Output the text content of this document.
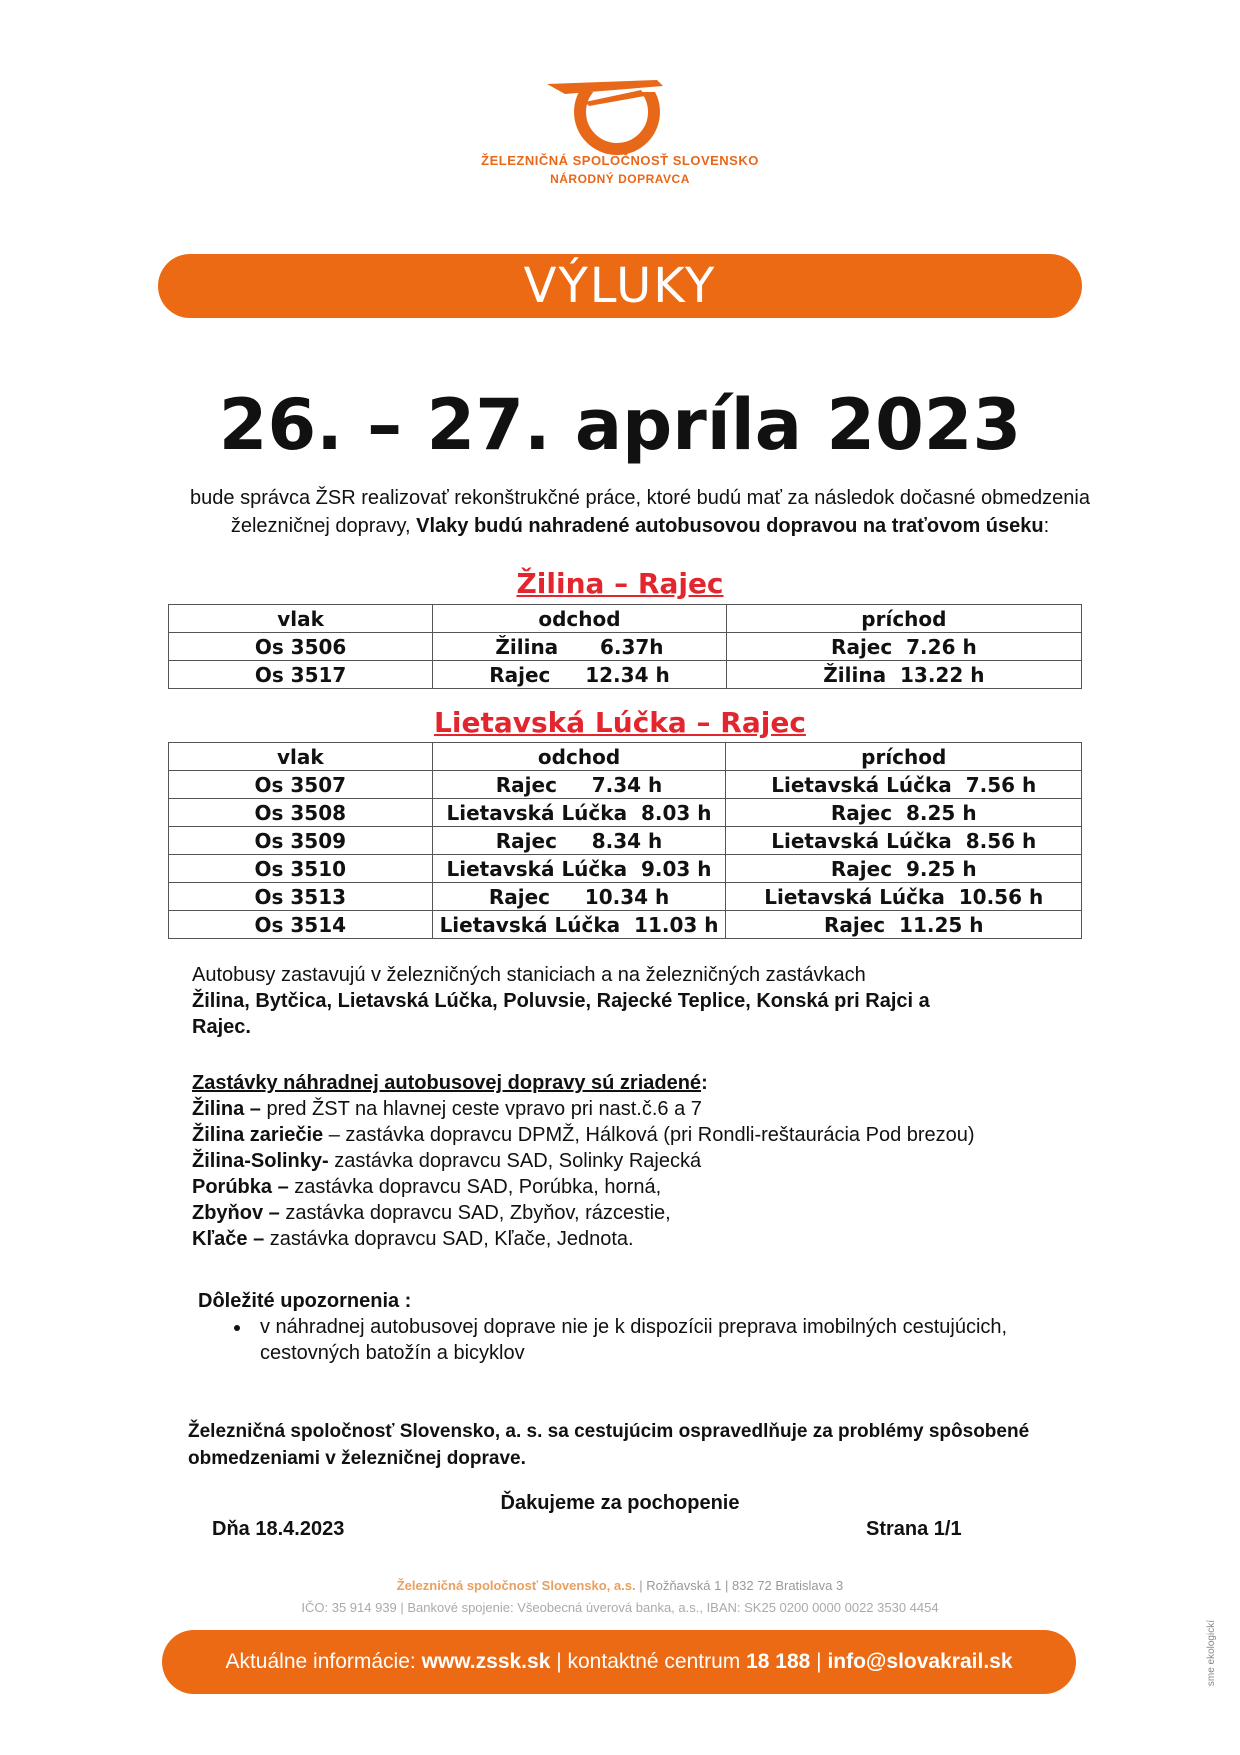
ŽELEZNIČNÁ SPOLOČNOSŤ SLOVENSKO
NÁRODNÝ DOPRAVCA
VÝLUKY
26. – 27. apríla 2023
bude správca ŽSR realizovať rekonštrukčné práce, ktoré budú mať za následok dočasné obmedzenia železničnej dopravy, Vlaky budú nahradené autobusovou dopravou na traťovom úseku:
Žilina – Rajec
vlak	odchod	príchod
Os 3506	Žilina      6.37h	Rajec  7.26 h
Os 3517	Rajec     12.34 h	Žilina  13.22 h
Lietavská Lúčka – Rajec
vlak	odchod	príchod
Os 3507	Rajec     7.34 h	Lietavská Lúčka  7.56 h
Os 3508	Lietavská Lúčka  8.03 h	Rajec  8.25 h
Os 3509	Rajec     8.34 h	Lietavská Lúčka  8.56 h
Os 3510	Lietavská Lúčka  9.03 h	Rajec  9.25 h
Os 3513	Rajec     10.34 h	Lietavská Lúčka  10.56 h
Os 3514	Lietavská Lúčka  11.03 h	Rajec  11.25 h
Autobusy zastavujú v železničných staniciach a na železničných zastávkach
Žilina, Bytčica, Lietavská Lúčka, Poluvsie, Rajecké Teplice, Konská pri Rajci a Rajec.
Zastávky náhradnej autobusovej dopravy sú zriadené:
Žilina – pred ŽST na hlavnej ceste vpravo pri nast.č.6 a 7
Žilina zariečie – zastávka dopravcu DPMŽ, Hálková (pri Rondli-reštaurácia Pod brezou)
Žilina-Solinky- zastávka dopravcu SAD, Solinky Rajecká
Porúbka – zastávka dopravcu SAD, Porúbka, horná,
Zbyňov – zastávka dopravcu SAD, Zbyňov, rázcestie,
Kľače – zastávka dopravcu SAD, Kľače, Jednota.
Dôležité upozornenia :
• v náhradnej autobusovej doprave nie je k dispozícii preprava imobilných cestujúcich, cestovných batožín a bicyklov
Železničná spoločnosť Slovensko, a. s. sa cestujúcim ospravedlňuje za problémy spôsobené obmedzeniami v železničnej doprave.
Ďakujeme za pochopenie
Dňa 18.4.2023	Strana 1/1
Železničná spoločnosť Slovensko, a.s. | Rožňavská 1 | 832 72 Bratislava 3
IČO: 35 914 939 | Bankové spojenie: Všeobecná úverová banka, a.s., IBAN: SK25 0200 0000 0022 3530 4454
Aktuálne informácie: www.zssk.sk | kontaktné centrum 18 188 | info@slovakrail.sk	sme ekologickí
